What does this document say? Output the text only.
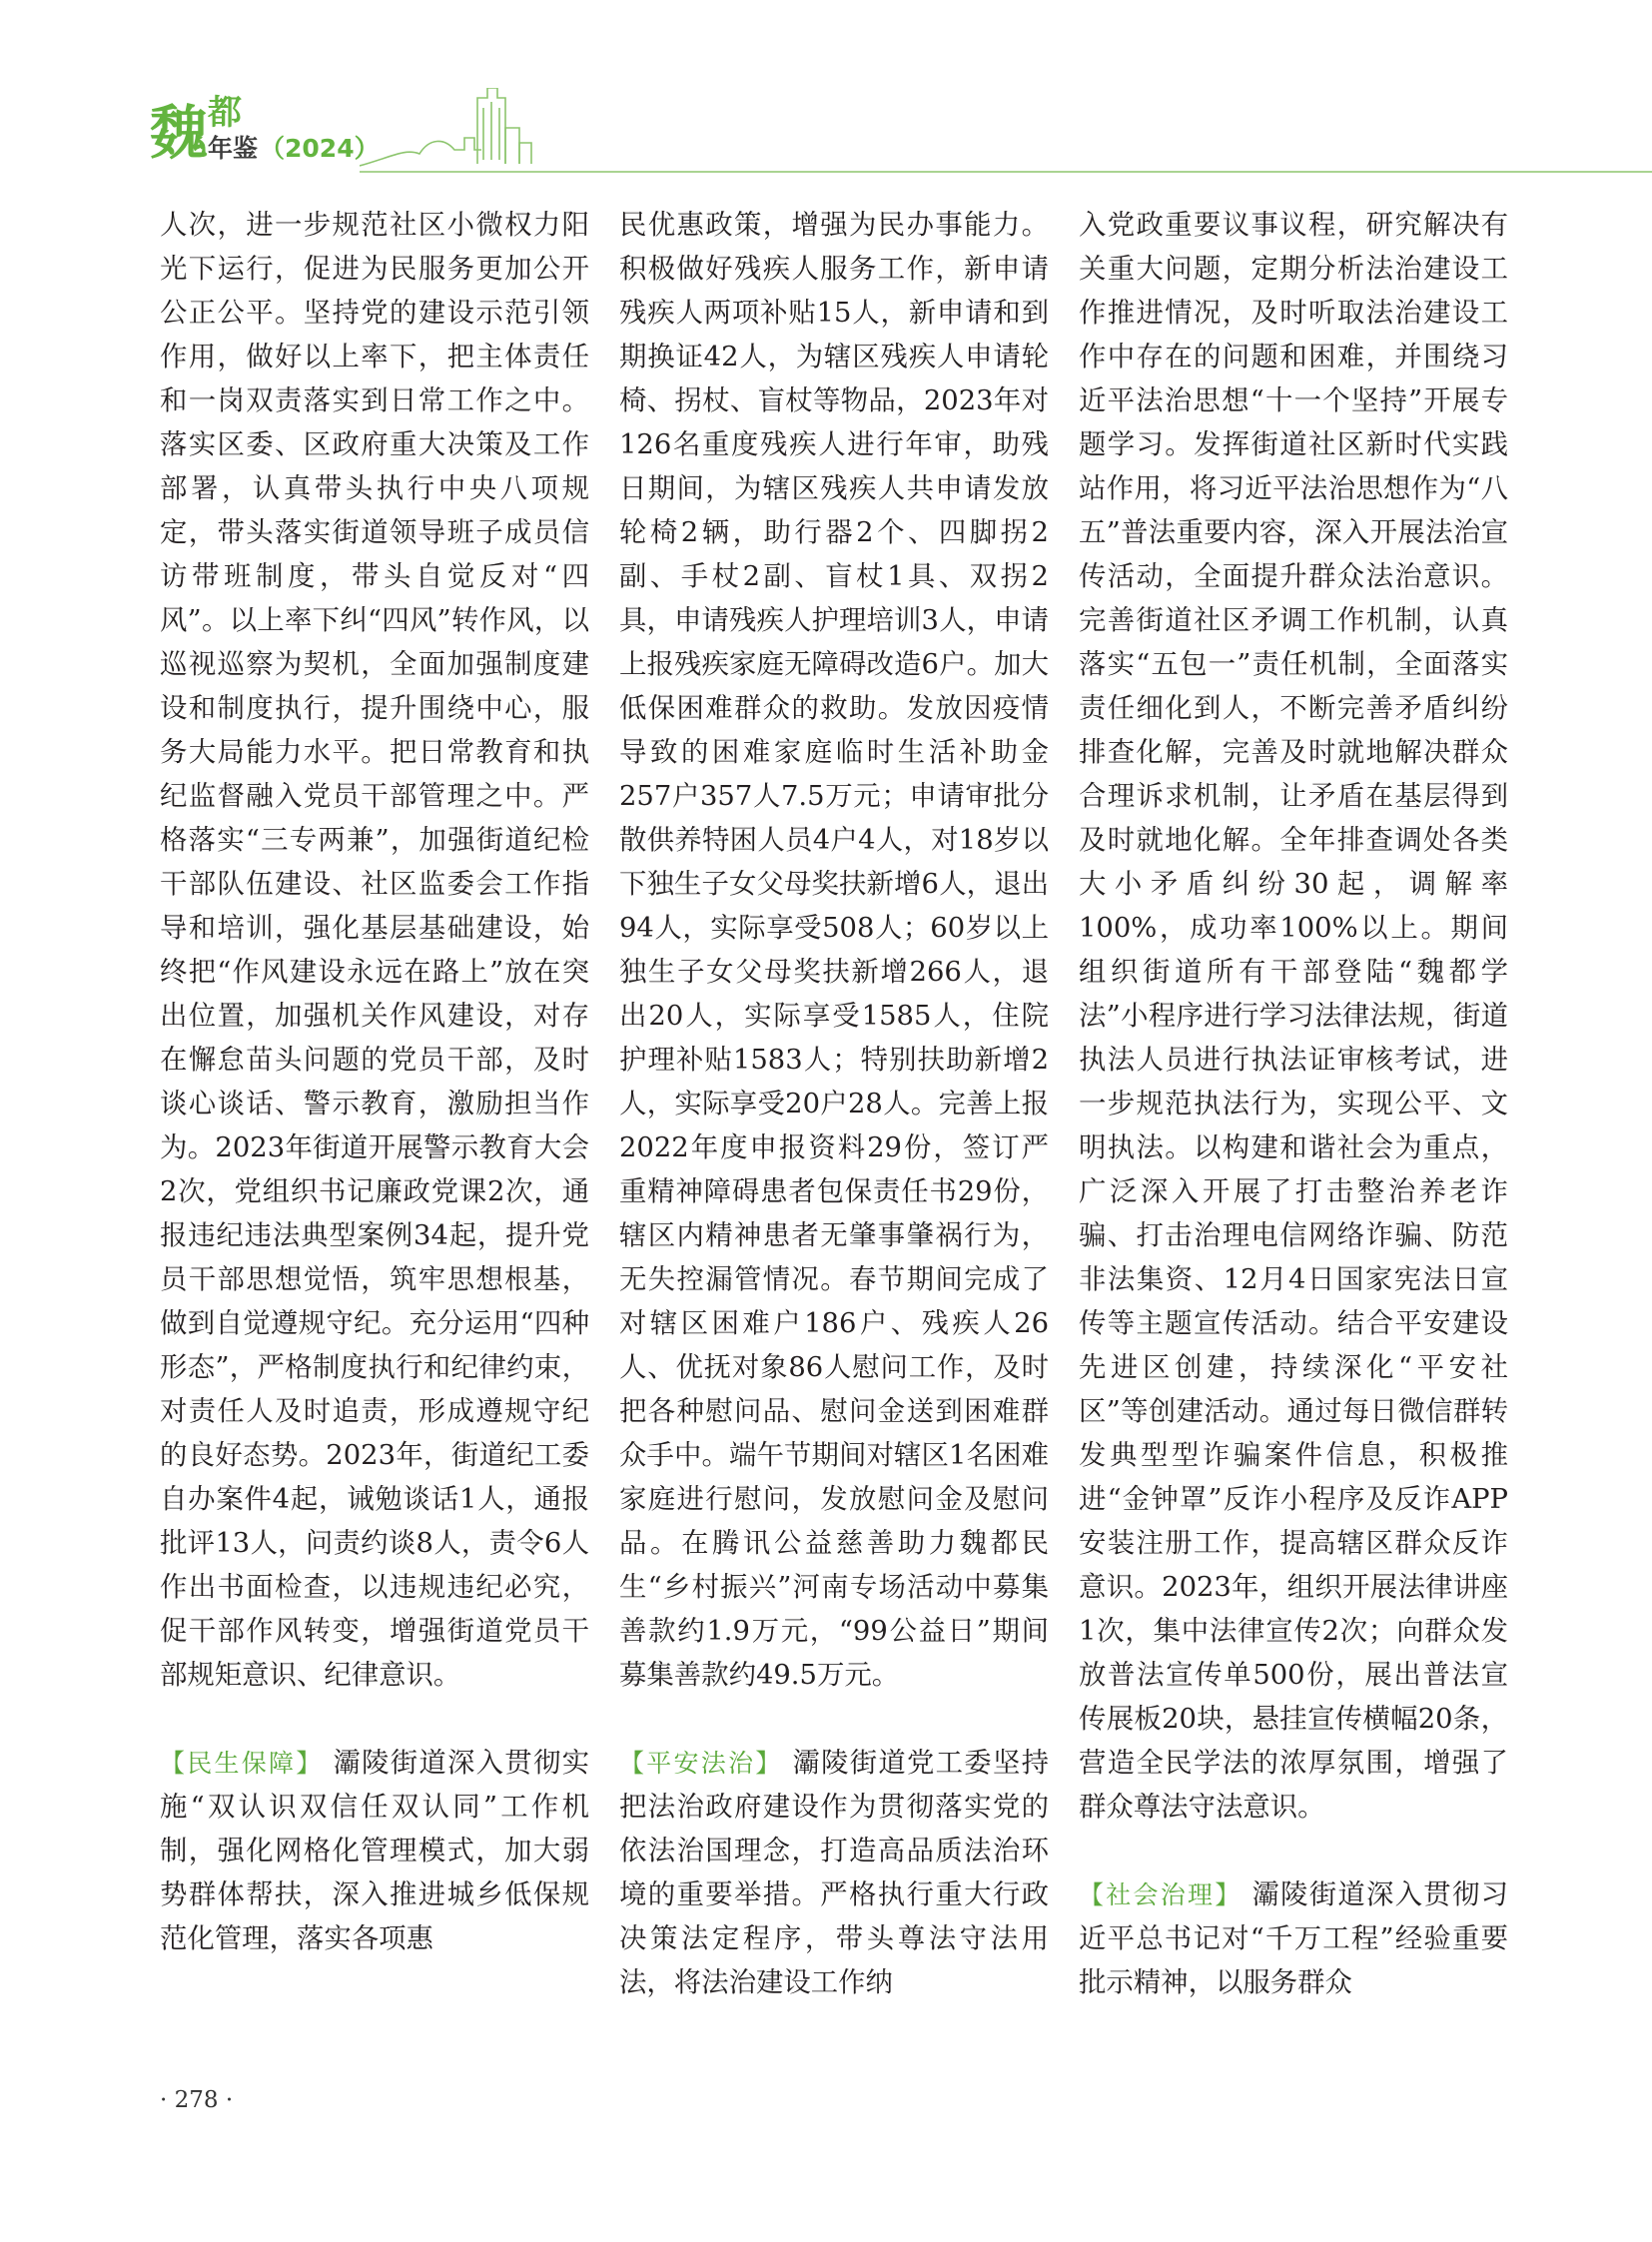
魏 都
年鉴（2024）

人次，进一步规范社区小微权力阳光下运行，促进为民服务更加公开公正公平。坚持党的建设示范引领作用，做好以上率下，把主体责任和一岗双责落实到日常工作之中。落实区委、区政府重大决策及工作部署，认真带头执行中央八项规定，带头落实街道领导班子成员信访带班制度，带头自觉反对“四风”。以上率下纠“四风”转作风，以巡视巡察为契机，全面加强制度建设和制度执行，提升围绕中心，服务大局能力水平。把日常教育和执纪监督融入党员干部管理之中。严格落实“三专两兼”，加强街道纪检干部队伍建设、社区监委会工作指导和培训，强化基层基础建设，始终把“作风建设永远在路上”放在突出位置，加强机关作风建设，对存在懈怠苗头问题的党员干部，及时谈心谈话、警示教育，激励担当作为。2023年街道开展警示教育大会2次，党组织书记廉政党课2次，通报违纪违法典型案例34起，提升党员干部思想觉悟，筑牢思想根基，做到自觉遵规守纪。充分运用“四种形态”，严格制度执行和纪律约束，对责任人及时追责，形成遵规守纪的良好态势。2023年，街道纪工委自办案件4起，诫勉谈话1人，通报批评13人，问责约谈8人，责令6人作出书面检查，以违规违纪必究，促干部作风转变，增强街道党员干部规矩意识、纪律意识。

【民生保障】 灞陵街道深入贯彻实施“双认识双信任双认同”工作机制，强化网格化管理模式，加大弱势群体帮扶，深入推进城乡低保规范化管理，落实各项惠

民优惠政策，增强为民办事能力。积极做好残疾人服务工作，新申请残疾人两项补贴15人，新申请和到期换证42人，为辖区残疾人申请轮椅、拐杖、盲杖等物品，2023年对126名重度残疾人进行年审，助残日期间，为辖区残疾人共申请发放轮椅2辆，助行器2个、四脚拐2副、手杖2副、盲杖1具、双拐2具，申请残疾人护理培训3人，申请上报残疾家庭无障碍改造6户。加大低保困难群众的救助。发放因疫情导致的困难家庭临时生活补助金257户357人7.5万元；申请审批分散供养特困人员4户4人，对18岁以下独生子女父母奖扶新增6人，退出94人，实际享受508人；60岁以上独生子女父母奖扶新增266人，退出20人，实际享受1585人，住院护理补贴1583人；特别扶助新增2人，实际享受20户28人。完善上报2022年度申报资料29份，签订严重精神障碍患者包保责任书29份，辖区内精神患者无肇事肇祸行为，无失控漏管情况。春节期间完成了对辖区困难户186户、残疾人26人、优抚对象86人慰问工作，及时把各种慰问品、慰问金送到困难群众手中。端午节期间对辖区1名困难家庭进行慰问，发放慰问金及慰问品。在腾讯公益慈善助力魏都民生“乡村振兴”河南专场活动中募集善款约1.9万元，“99公益日”期间募集善款约49.5万元。

【平安法治】 灞陵街道党工委坚持把法治政府建设作为贯彻落实党的依法治国理念，打造高品质法治环境的重要举措。严格执行重大行政决策法定程序，带头尊法守法用法，将法治建设工作纳

入党政重要议事议程，研究解决有关重大问题，定期分析法治建设工作推进情况，及时听取法治建设工作中存在的问题和困难，并围绕习近平法治思想“十一个坚持”开展专题学习。发挥街道社区新时代实践站作用，将习近平法治思想作为“八五”普法重要内容，深入开展法治宣传活动，全面提升群众法治意识。完善街道社区矛调工作机制，认真落实“五包一”责任机制，全面落实责任细化到人，不断完善矛盾纠纷排查化解，完善及时就地解决群众合理诉求机制，让矛盾在基层得到及时就地化解。全年排查调处各类大小矛盾纠纷30起，调解率100%，成功率100%以上。期间组织街道所有干部登陆“魏都学法”小程序进行学习法律法规，街道执法人员进行执法证审核考试，进一步规范执法行为，实现公平、文明执法。以构建和谐社会为重点，广泛深入开展了打击整治养老诈骗、打击治理电信网络诈骗、防范非法集资、12月4日国家宪法日宣传等主题宣传活动。结合平安建设先进区创建，持续深化“平安社区”等创建活动。通过每日微信群转发典型型诈骗案件信息，积极推进“金钟罩”反诈小程序及反诈APP安装注册工作，提高辖区群众反诈意识。2023年，组织开展法律讲座1次，集中法律宣传2次；向群众发放普法宣传单500份，展出普法宣传展板20块，悬挂宣传横幅20条，营造全民学法的浓厚氛围，增强了群众尊法守法意识。

【社会治理】 灞陵街道深入贯彻习近平总书记对“千万工程”经验重要批示精神，以服务群众

· 278 ·
